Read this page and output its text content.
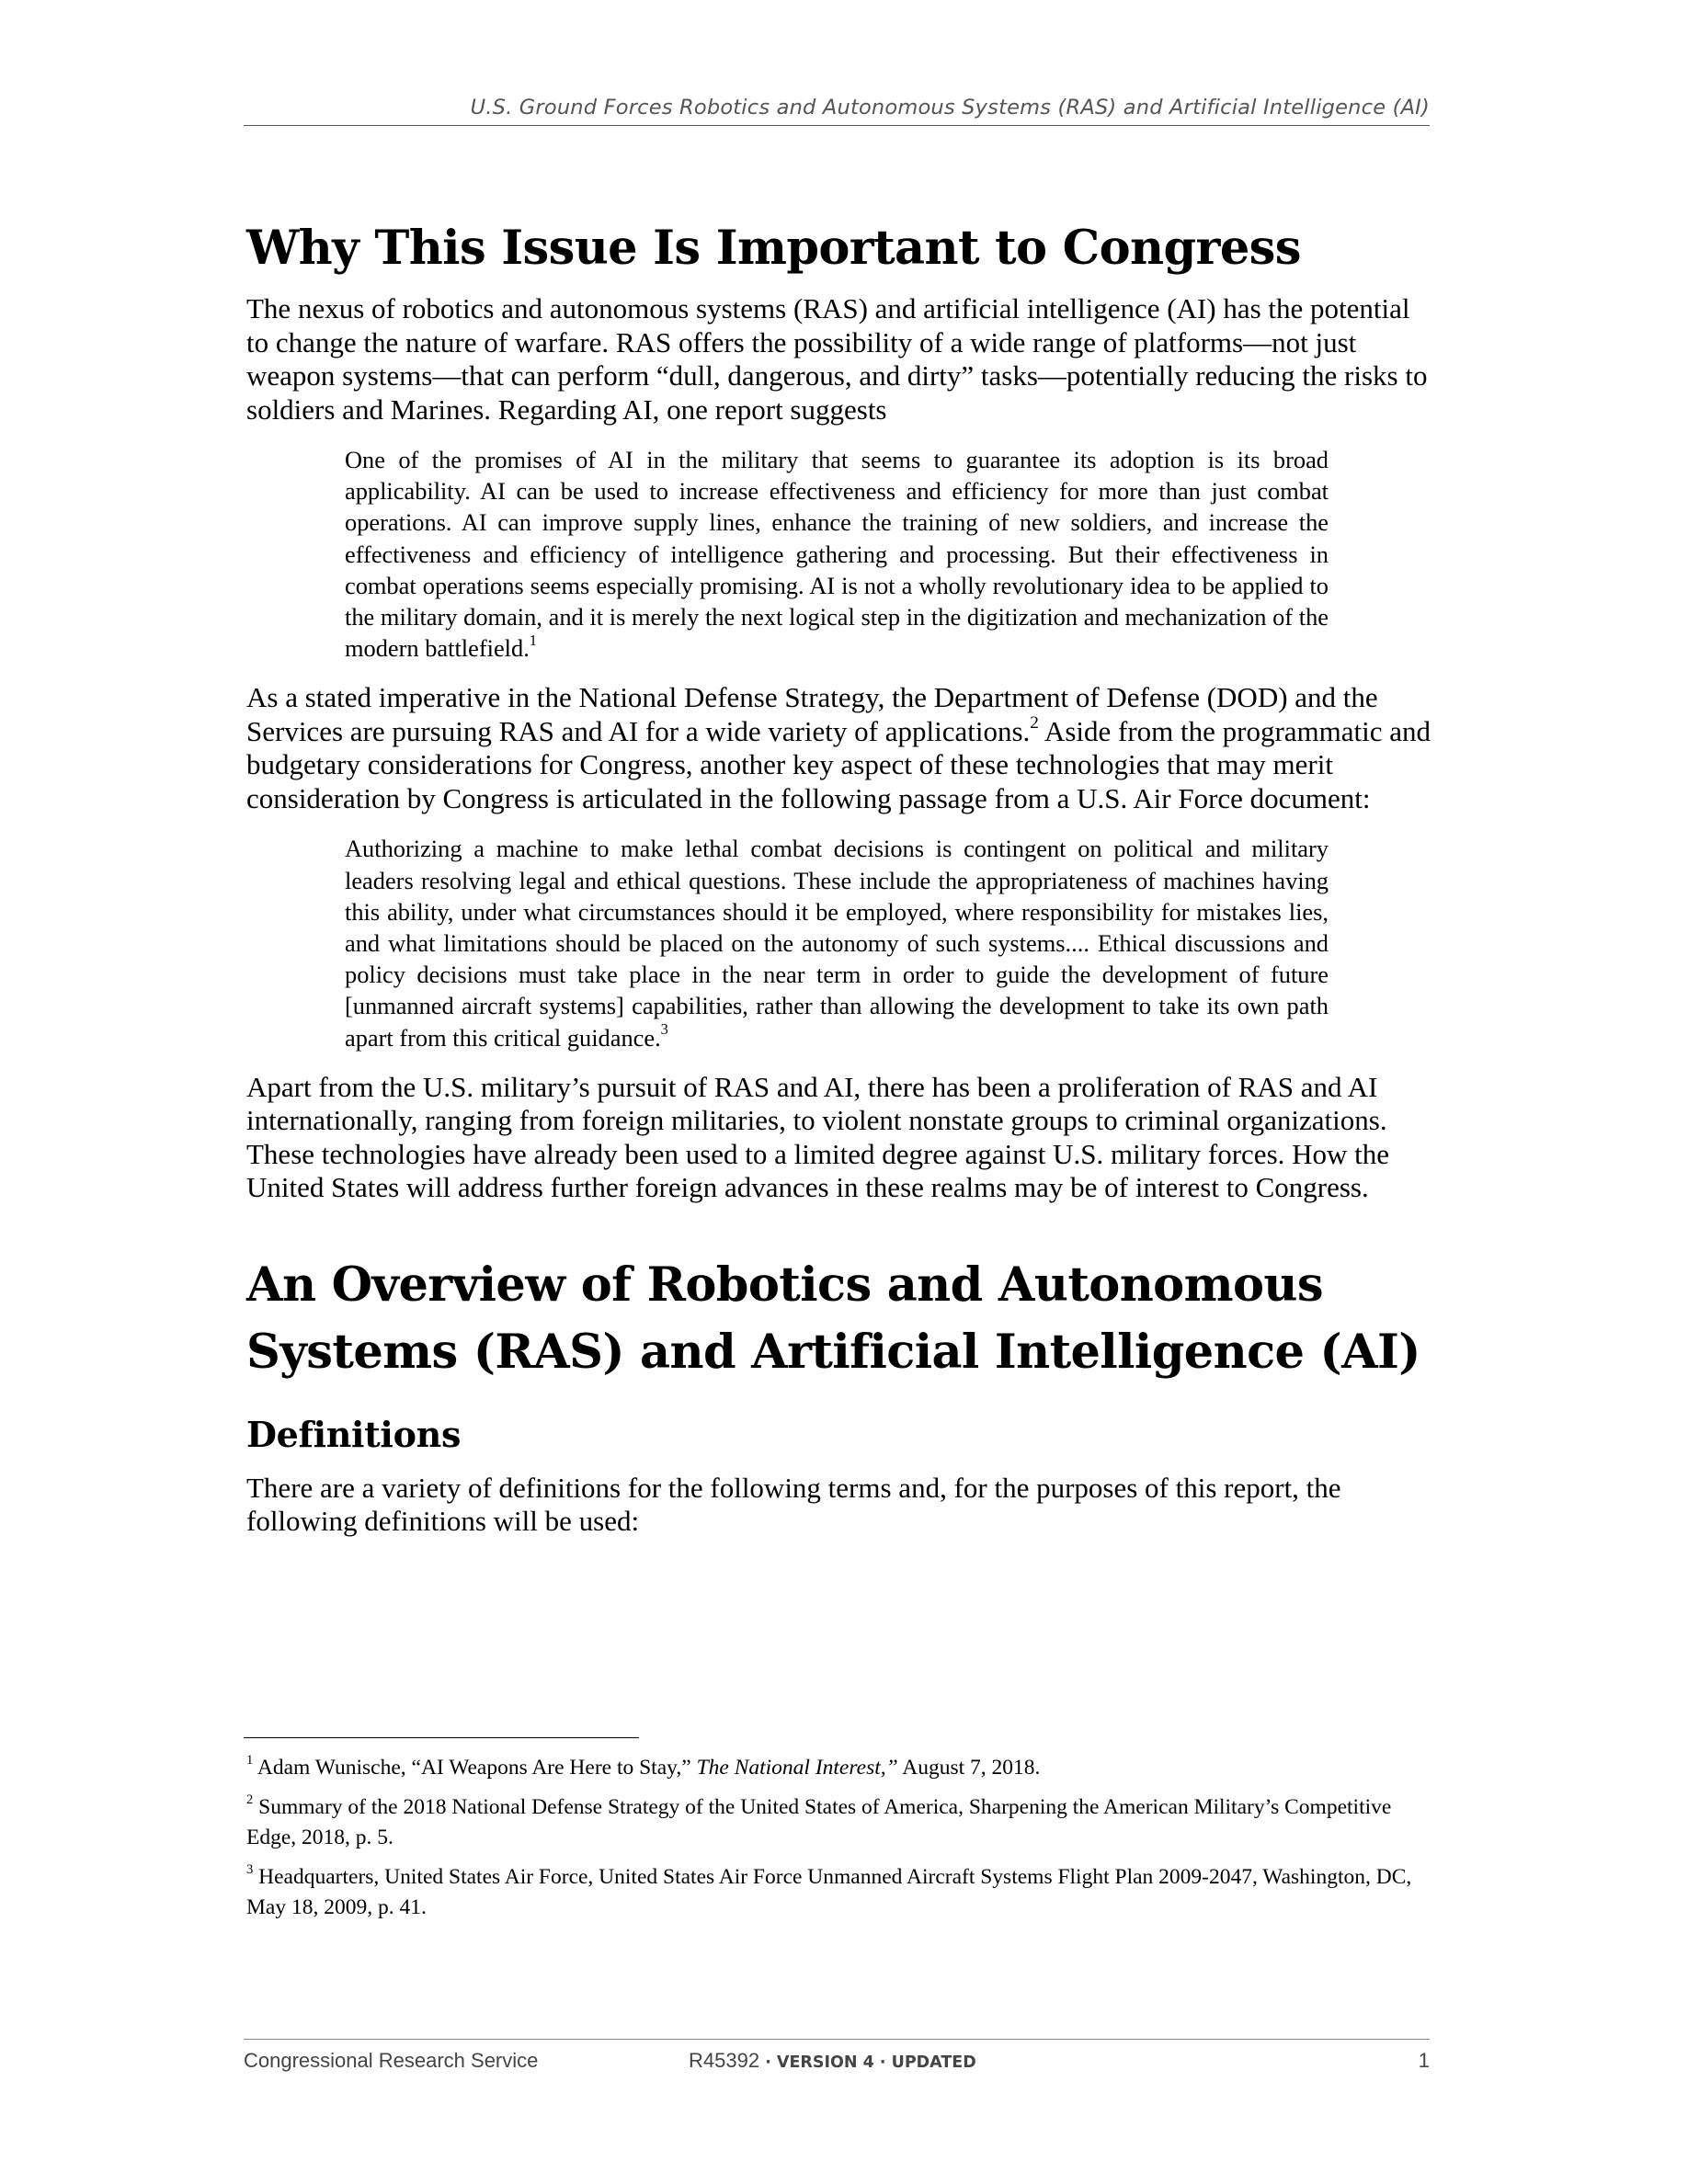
U.S. Ground Forces Robotics and Autonomous Systems (RAS) and Artificial Intelligence (AI)
Why This Issue Is Important to Congress

The nexus of robotics and autonomous systems (RAS) and artificial intelligence (AI) has the potential to change the nature of warfare. RAS offers the possibility of a wide range of platforms—not just weapon systems—that can perform “dull, dangerous, and dirty” tasks—potentially reducing the risks to soldiers and Marines. Regarding AI, one report suggests

One of the promises of AI in the military that seems to guarantee its adoption is its broad applicability. AI can be used to increase effectiveness and efficiency for more than just combat operations. AI can improve supply lines, enhance the training of new soldiers, and increase the effectiveness and efficiency of intelligence gathering and processing. But their effectiveness in combat operations seems especially promising. AI is not a wholly revolutionary idea to be applied to the military domain, and it is merely the next logical step in the digitization and mechanization of the modern battlefield.$^1$

As a stated imperative in the National Defense Strategy, the Department of Defense (DOD) and the Services are pursuing RAS and AI for a wide variety of applications.$^2$ Aside from the programmatic and budgetary considerations for Congress, another key aspect of these technologies that may merit consideration by Congress is articulated in the following passage from a U.S. Air Force document:

Authorizing a machine to make lethal combat decisions is contingent on political and military leaders resolving legal and ethical questions. These include the appropriateness of machines having this ability, under what circumstances should it be employed, where responsibility for mistakes lies, and what limitations should be placed on the autonomy of such systems.... Ethical discussions and policy decisions must take place in the near term in order to guide the development of future [unmanned aircraft systems] capabilities, rather than allowing the development to take its own path apart from this critical guidance.$^3$

Apart from the U.S. military’s pursuit of RAS and AI, there has been a proliferation of RAS and AI internationally, ranging from foreign militaries, to violent nonstate groups to criminal organizations. These technologies have already been used to a limited degree against U.S. military forces. How the United States will address further foreign advances in these realms may be of interest to Congress.

An Overview of Robotics and Autonomous Systems (RAS) and Artificial Intelligence (AI)
Definitions

There are a variety of definitions for the following terms and, for the purposes of this report, the following definitions will be used:

$^1$ Adam Wunische, “AI Weapons Are Here to Stay,” The National Interest,” August 7, 2018.

$^2$ Summary of the 2018 National Defense Strategy of the United States of America, Sharpening the American Military’s Competitive Edge, 2018, p. 5.

$^3$ Headquarters, United States Air Force, United States Air Force Unmanned Aircraft Systems Flight Plan 2009-2047, Washington, DC, May 18, 2009, p. 41.

Congressional Research Service	R45392 · VERSION 4 · UPDATED	1
